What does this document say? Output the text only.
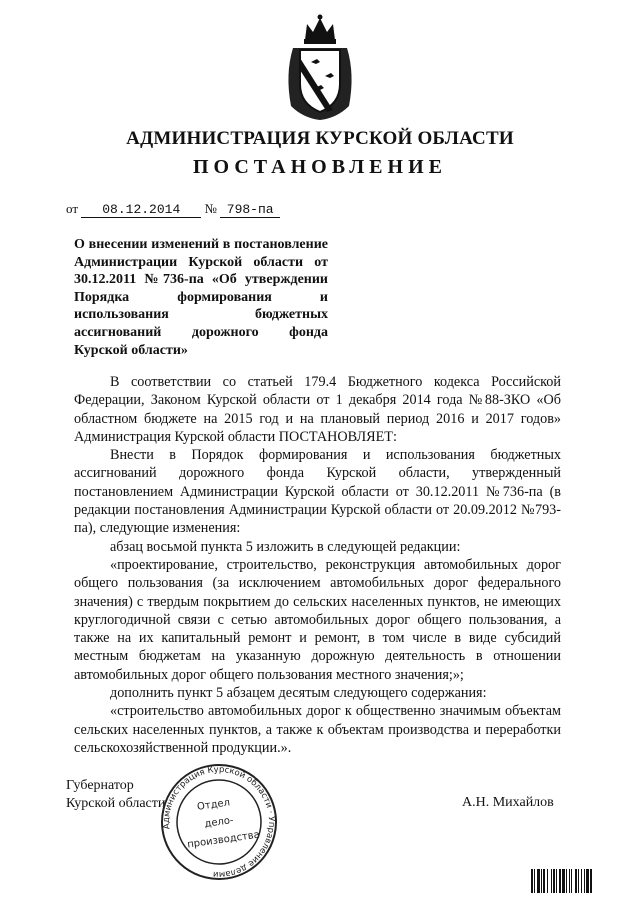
АДМИНИСТРАЦИЯ КУРСКОЙ ОБЛАСТИ
ПОСТАНОВЛЕНИЕ
от 08.12.2014 № 798-па
О внесении изменений в постановление Администрации Курской области от 30.12.2011 №736-па «Об утверждении Порядка формирования и использования бюджетных ассигнований дорожного фонда Курской области»

В соответствии со статьей 179.4 Бюджетного кодекса Российской Федерации, Законом Курской области от 1 декабря 2014 года №88-ЗКО «Об областном бюджете на 2015 год и на плановый период 2016 и 2017 годов» Администрация Курской области ПОСТАНОВЛЯЕТ:

Внести в Порядок формирования и использования бюджетных ассигнований дорожного фонда Курской области, утвержденный постановлением Администрации Курской области от 30.12.2011 №736-па (в редакции постановления Администрации Курской области от 20.09.2012 №793-па), следующие изменения:

абзац восьмой пункта 5 изложить в следующей редакции:

«проектирование, строительство, реконструкция автомобильных дорог общего пользования (за исключением автомобильных дорог федерального значения) с твердым покрытием до сельских населенных пунктов, не имеющих круглогодичной связи с сетью автомобильных дорог общего пользования, а также на их капитальный ремонт и ремонт, в том числе в виде субсидий местным бюджетам на указанную дорожную деятельность в отношении автомобильных дорог общего пользования местного значения;»;

дополнить пункт 5 абзацем десятым следующего содержания:

«строительство автомобильных дорог к общественно значимым объектам сельских населенных пунктов, а также к объектам производства и переработки сельскохозяйственной продукции.».

Губернатор
Курской области	А.Н. Михайлов
Администрация Курской области · Управление делами
Отдел
дело-
производства
